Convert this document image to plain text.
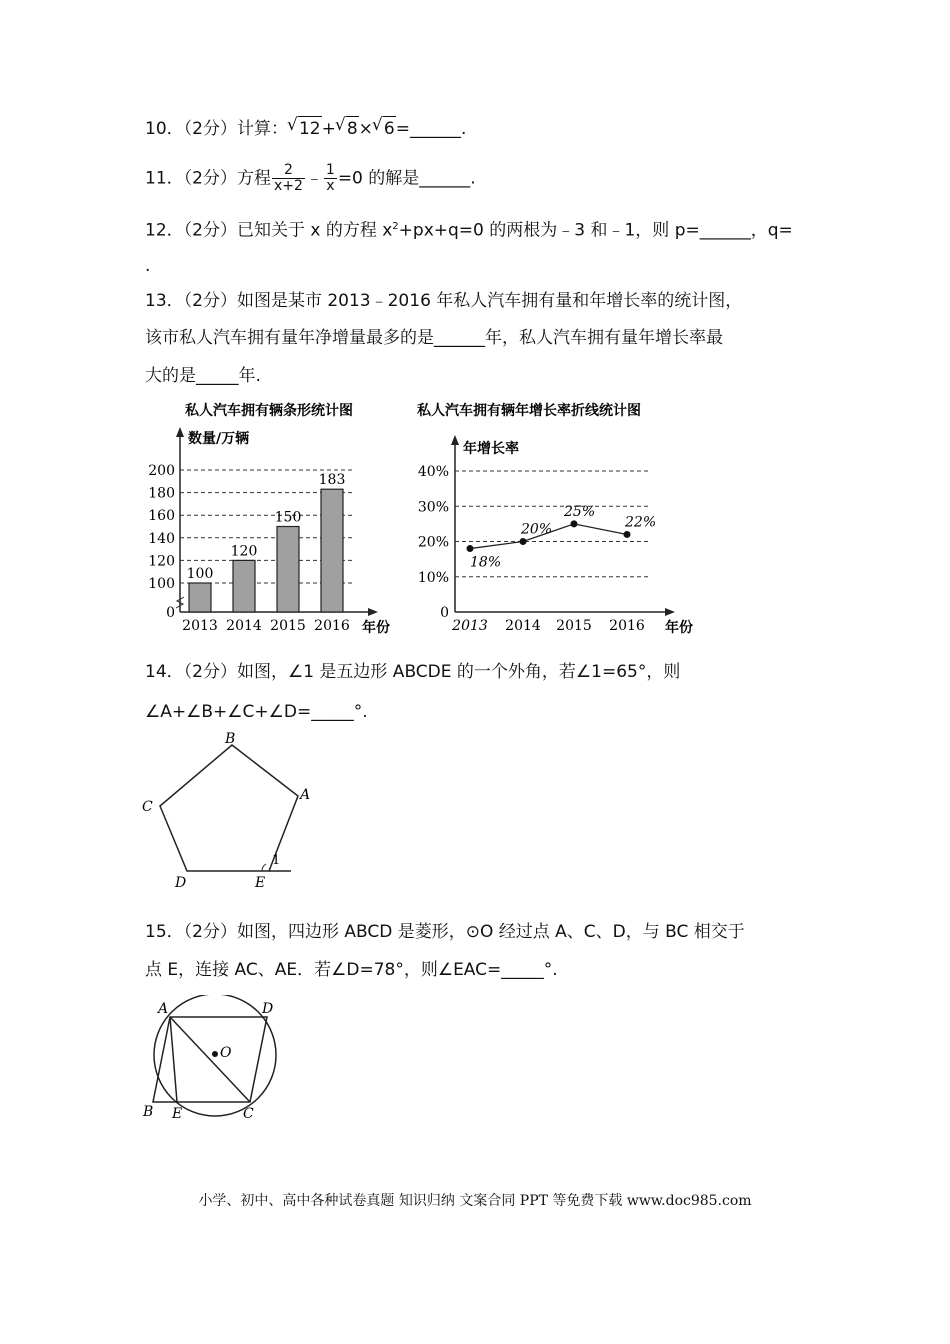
10．（2分）计算： √ 12+ √ 8× √ 6=______.
11．（2分）方程 $\frac{2}{x+2}$ ﹣ $\frac{1}{x} =0$ 的解是______.
12．（2分）已知关于 x 的方程 $x^2+px+q=0$ 的两根为﹣3 和﹣1，则 p=______，q=
.
13．（2分）如图是某市 2013﹣2016 年私人汽车拥有量和年增长率的统计图，
该市私人汽车拥有量年净增量最多的是______年，私人汽车拥有量年增长率最
大的是_____年.
私人汽车拥有辆条形统计图
数量/万辆
年份
0
100
120
140
160
180
200
100
2013
120
2014
150
2015
183
2016
私人汽车拥有辆年增长率折线统计图
年增长率
年份
0
10%
20%
30%
40%
18%
2013
20%
2014
25%
2015
22%
2016
14．（2分）如图，∠1 是五边形 ABCDE 的一个外角，若∠1=65°，则
∠A+∠B+∠C+∠D=_____°.
B
A
C
D	E
1
15．（2分）如图，四边形 ABCD 是菱形，⊙O 经过点 A、C、D，与 BC 相交于
点 E，连接 AC、AE．若∠D=78°，则∠EAC=_____°.
A	D
O
B E	C
小学、初中、高中各种试卷真题 知识归纳 文案合同 PPT 等免费下载 www.doc985.com
